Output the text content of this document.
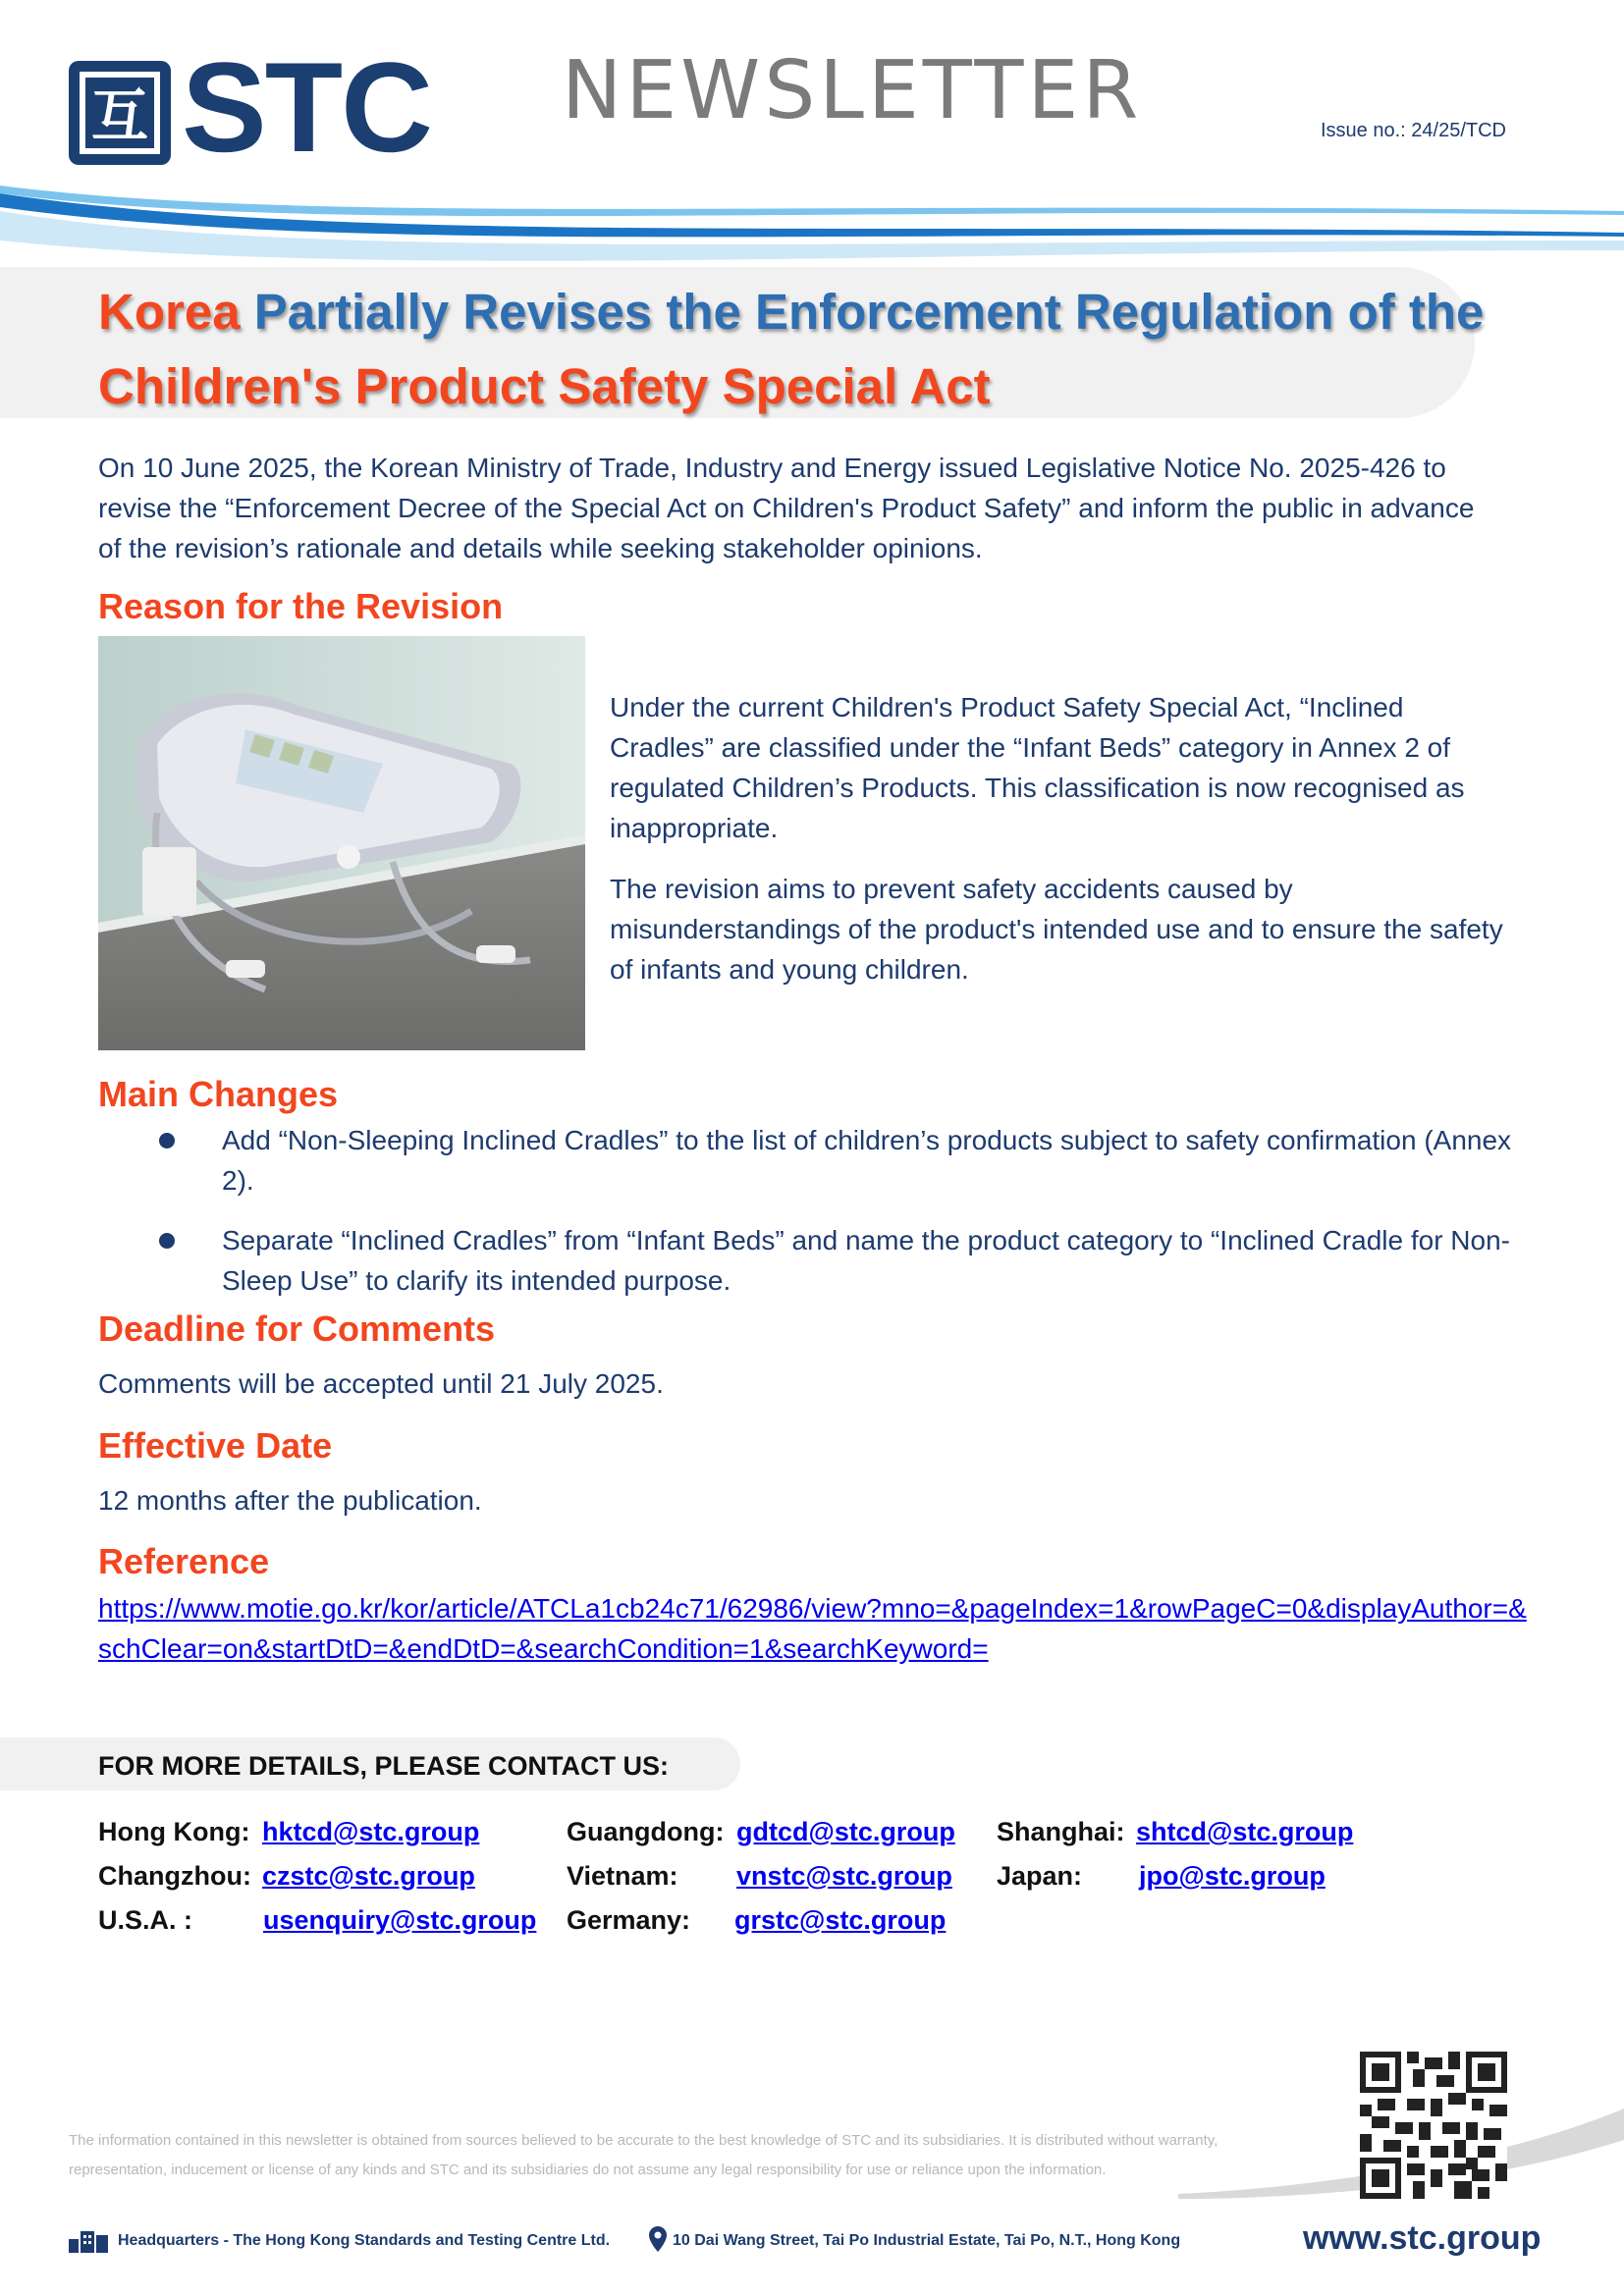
互 STC NEWSLETTER	Issue no.: 24/25/TCD
Korea Partially Revises the Enforcement Regulation of the Children's Product Safety Special Act

On 10 June 2025, the Korean Ministry of Trade, Industry and Energy issued Legislative Notice No. 2025-426 to revise the “Enforcement Decree of the Special Act on Children's Product Safety” and inform the public in advance of the revision’s rationale and details while seeking stakeholder opinions.

Reason for the Revision

Under the current Children's Product Safety Special Act, “Inclined Cradles” are classified under the “Infant Beds” category in Annex 2 of regulated Children’s Products. This classification is now recognised as inappropriate.

The revision aims to prevent safety accidents caused by misunderstandings of the product's intended use and to ensure the safety of infants and young children.

Main Changes

Add “Non-Sleeping Inclined Cradles” to the list of children’s products subject to safety confirmation (Annex 2).

Separate “Inclined Cradles” from “Infant Beds” and name the product category to “Inclined Cradle for Non-Sleep Use” to clarify its intended purpose.

Deadline for Comments

Comments will be accepted until 21 July 2025.

Effective Date

12 months after the publication.

Reference
https://www.motie.go.kr/kor/article/ATCLa1cb24c71/62986/view?mno=&pageIndex=1&rowPageC=0&displayAuthor=&schClear=on&startDtD=&endDtD=&searchCondition=1&searchKeyword=
FOR MORE DETAILS, PLEASE CONTACT US:
Hong Kong: hktcd@stc.group	Guangdong: gdtcd@stc.group Shanghai: shtcd@stc.group
Changzhou: czstc@stc.group	Vietnam: vnstc@stc.group Japan: jpo@stc.group
U.S.A. :	usenquiry@stc.group Germany: grstc@stc.group
The information contained in this newsletter is obtained from sources believed to be accurate to the best knowledge of STC and its subsidiaries. It is distributed without warranty, representation, inducement or license of any kinds and STC and its subsidiaries do not assume any legal responsibility for use or reliance upon the information.
Headquarters - The Hong Kong Standards and Testing Centre Ltd.	10 Dai Wang Street, Tai Po Industrial Estate, Tai Po, N.T., Hong Kong	www.stc.group
